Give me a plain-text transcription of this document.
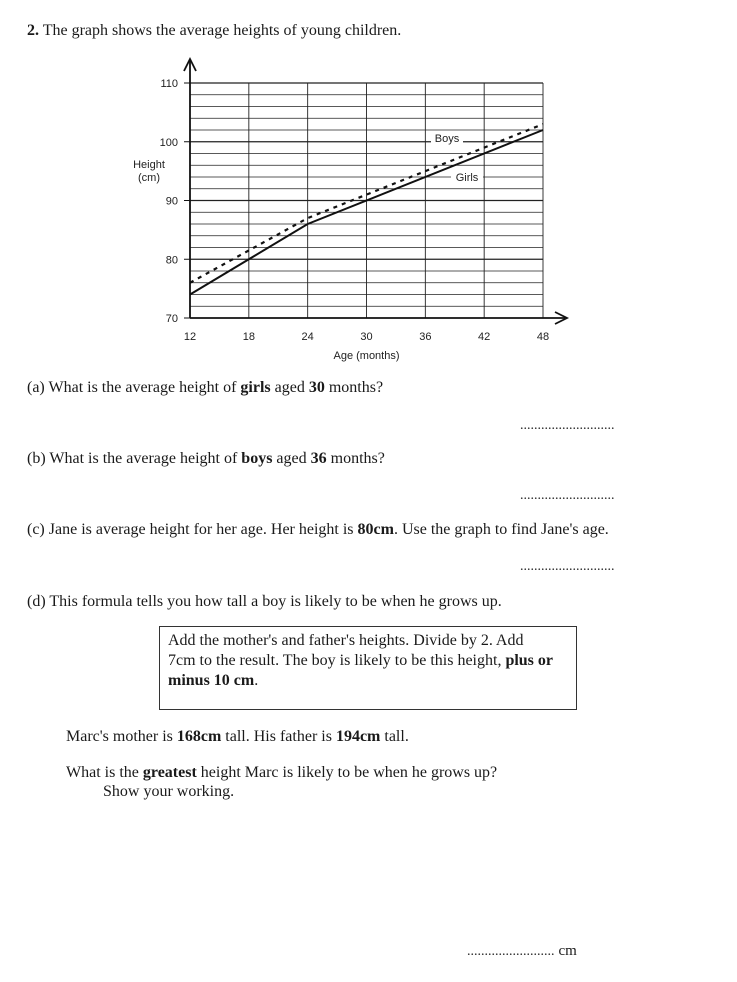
2. The graph shows the average heights of young children.
110
100
90
80
70
12	18	24	30	36	42	48
Height
(cm)
Age (months)
Boys
Girls
(a) What is the average height of girls aged 30 months?
...........................
(b) What is the average height of boys aged 36 months?
...........................
(c) Jane is average height for her age. Her height is 80cm. Use the graph to find Jane's age.
...........................
(d) This formula tells you how tall a boy is likely to be when he grows up.
Add the mother's and father's heights. Divide by 2. Add
7cm to the result. The boy is likely to be this height, plus or
minus 10 cm.
Marc's mother is 168cm tall. His father is 194cm tall.
What is the greatest height Marc is likely to be when he grows up?
Show your working.
......................... cm
